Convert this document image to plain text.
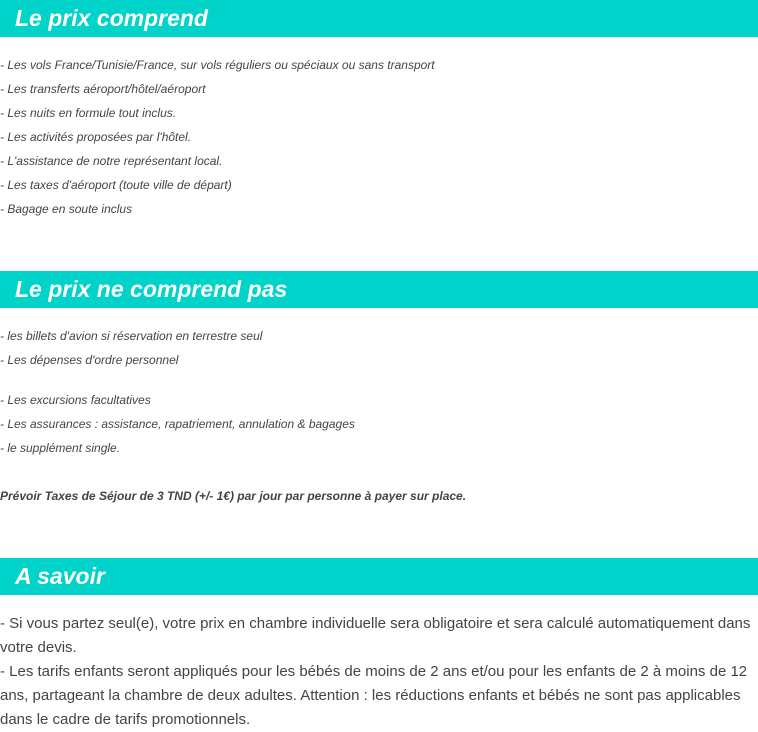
Le prix comprend
- Les vols France/Tunisie/France, sur vols réguliers ou spéciaux ou sans transport
- Les transferts aéroport/hôtel/aéroport
- Les nuits en formule tout inclus.
- Les activités proposées par l'hôtel.
- L'assistance de notre représentant local.
- Les taxes d'aéroport (toute ville de départ)
- Bagage en soute inclus
Le prix ne comprend pas
- les billets d'avion si réservation en terrestre seul
- Les dépenses d'ordre personnel
- Les excursions facultatives
- Les assurances : assistance, rapatriement, annulation & bagages
- le supplément single.
Prévoir Taxes de Séjour de 3 TND (+/- 1€) par jour par personne à payer sur place.
A savoir
- Si vous partez seul(e), votre prix en chambre individuelle sera obligatoire et sera calculé automatiquement dans votre devis.
- Les tarifs enfants seront appliqués pour les bébés de moins de 2 ans et/ou pour les enfants de 2 à moins de 12 ans, partageant la chambre de deux adultes. Attention : les réductions enfants et bébés ne sont pas applicables dans le cadre de tarifs promotionnels.
